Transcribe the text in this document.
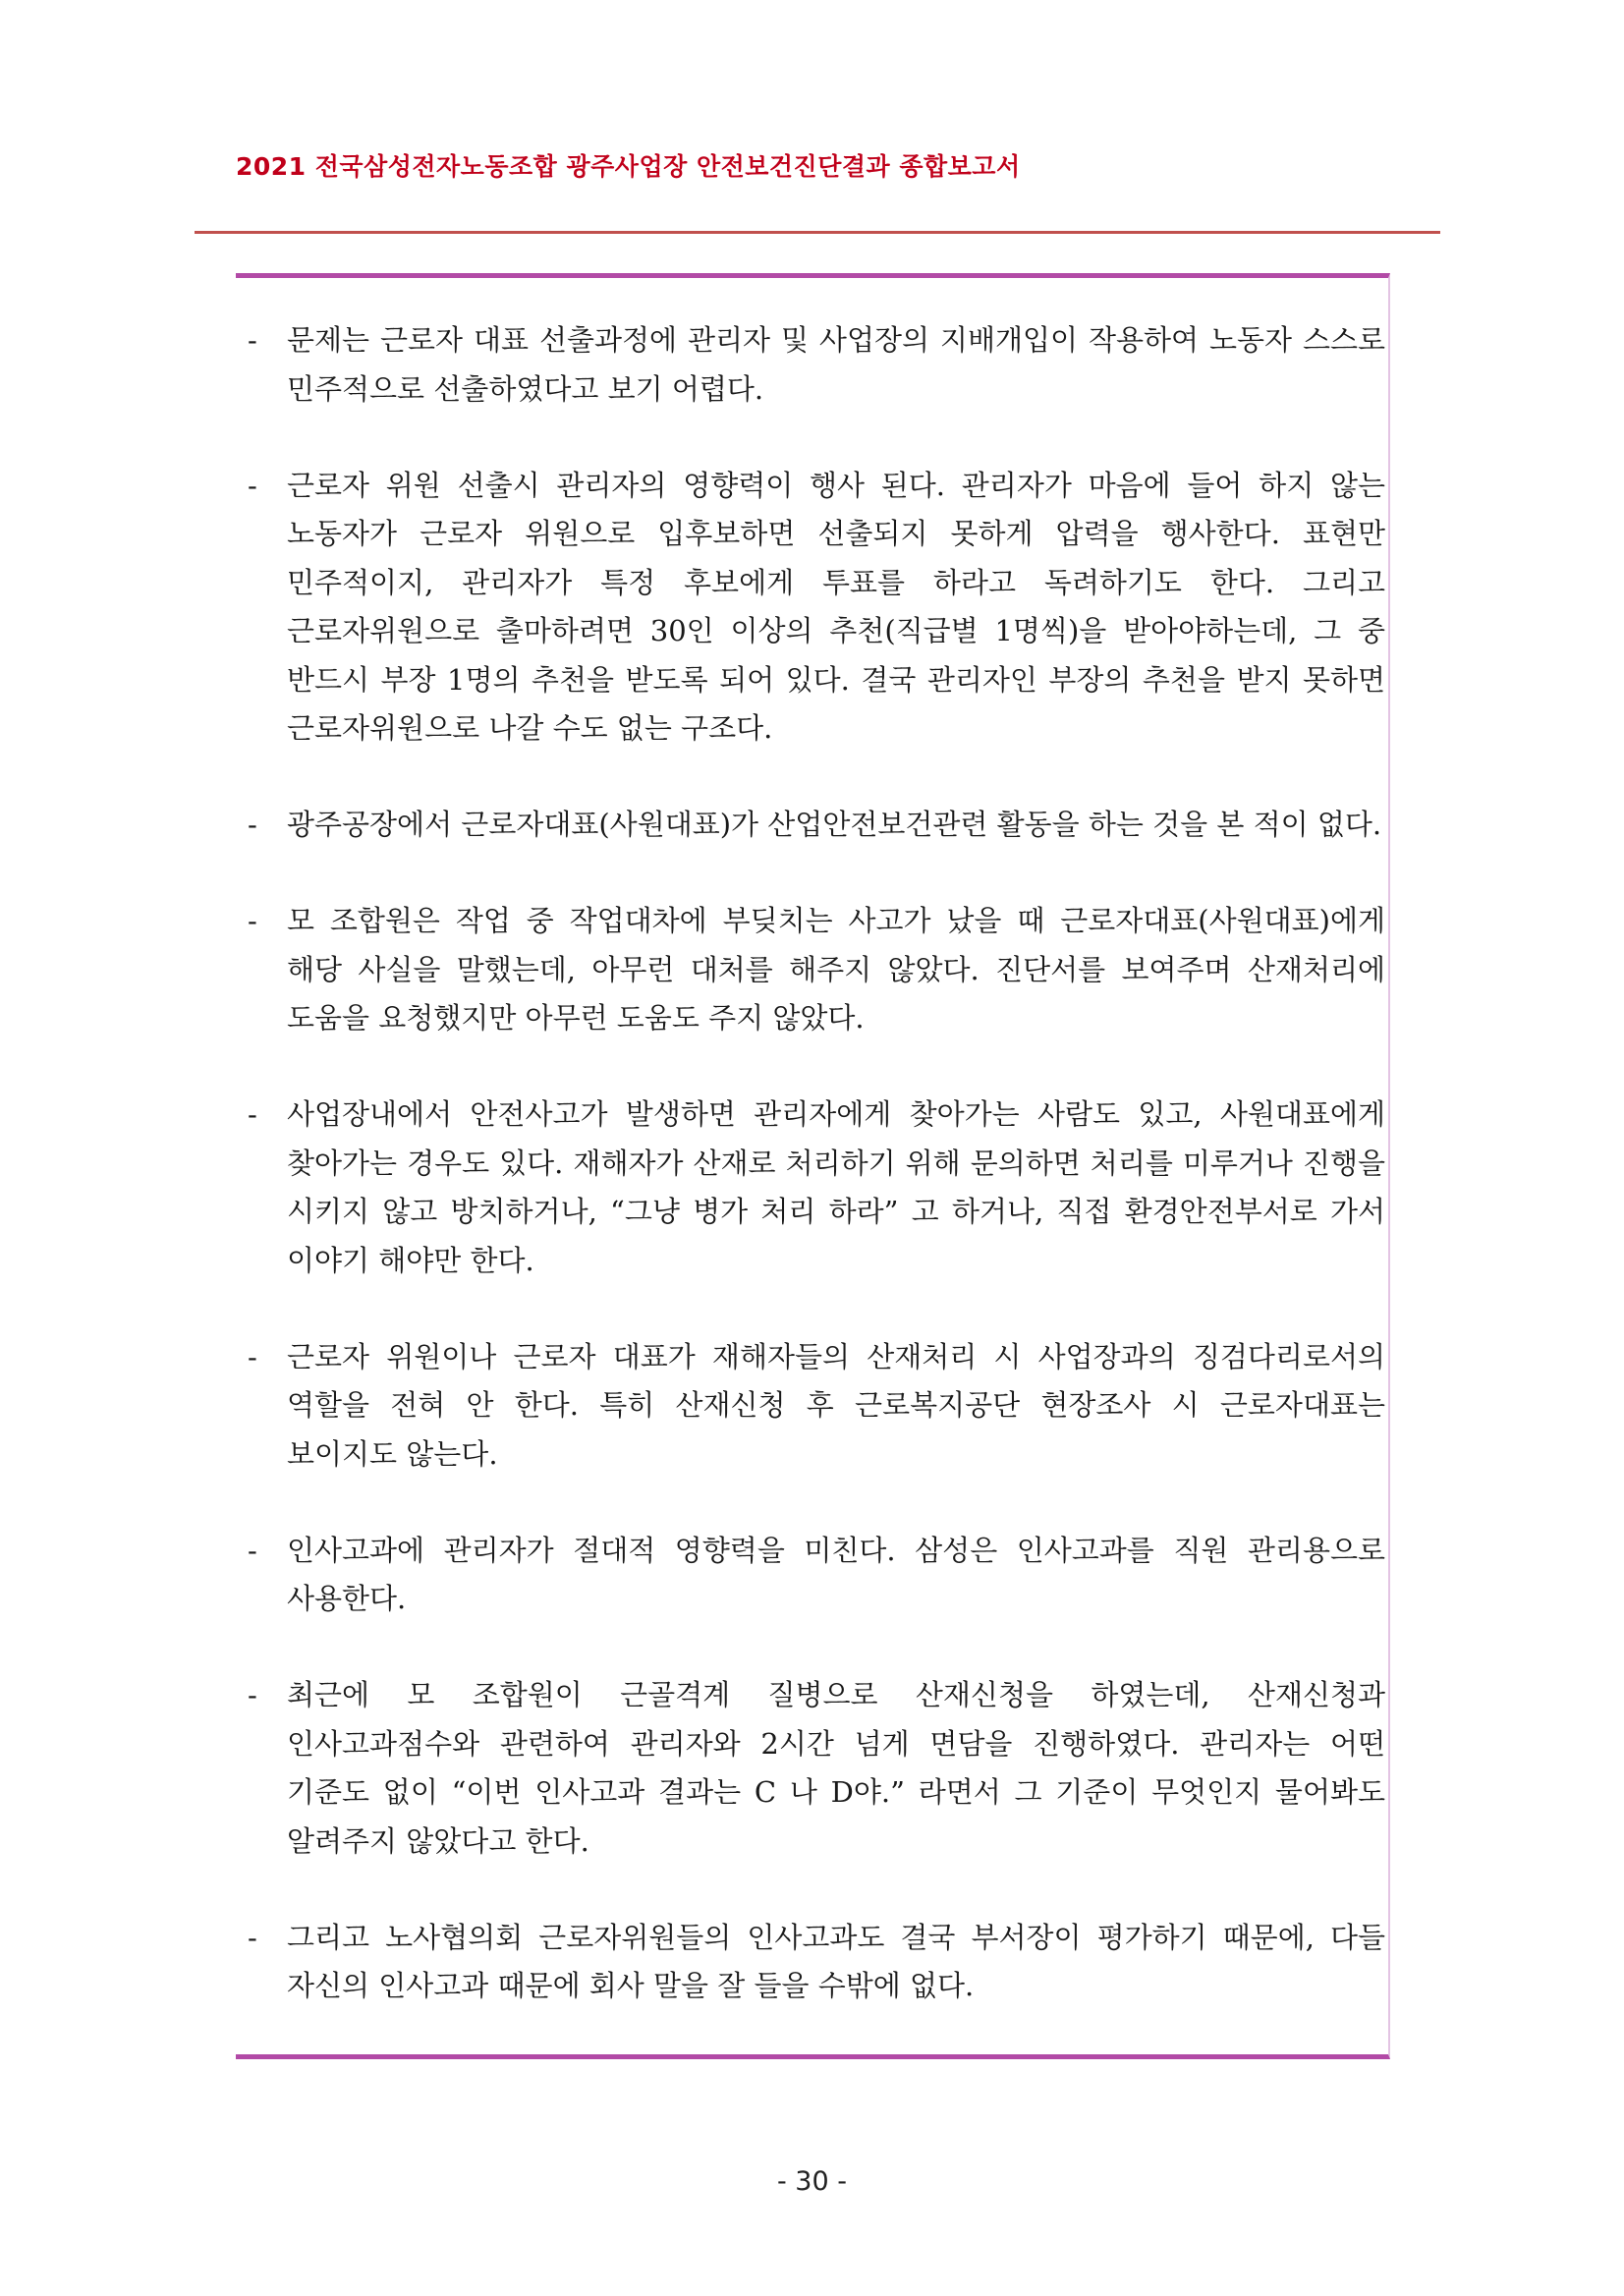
2021 전국삼성전자노동조합 광주사업장 안전보건진단결과 종합보고서
-	문제는 근로자 대표 선출과정에 관리자 및 사업장의 지배개입이 작용하여 노동자 스스로 민주적으로 선출하였다고 보기 어렵다.
-	근로자 위원 선출시 관리자의 영향력이 행사 된다. 관리자가 마음에 들어 하지 않는 노동자가 근로자 위원으로 입후보하면 선출되지 못하게 압력을 행사한다. 표현만 민주적이지, 관리자가 특정 후보에게 투표를 하라고 독려하기도 한다. 그리고 근로자위원으로 출마하려면 30인 이상의 추천(직급별 1명씩)을 받아야하는데, 그 중 반드시 부장 1명의 추천을 받도록 되어 있다. 결국 관리자인 부장의 추천을 받지 못하면 근로자위원으로 나갈 수도 없는 구조다.
-	광주공장에서 근로자대표(사원대표)가 산업안전보건관련 활동을 하는 것을 본 적이 없다.
-	모 조합원은 작업 중 작업대차에 부딪치는 사고가 났을 때 근로자대표(사원대표)에게 해당 사실을 말했는데, 아무런 대처를 해주지 않았다. 진단서를 보여주며 산재처리에 도움을 요청했지만 아무런 도움도 주지 않았다.
-	사업장내에서 안전사고가 발생하면 관리자에게 찾아가는 사람도 있고, 사원대표에게 찾아가는 경우도 있다. 재해자가 산재로 처리하기 위해 문의하면 처리를 미루거나 진행을 시키지 않고 방치하거나, “그냥 병가 처리 하라” 고 하거나, 직접 환경안전부서로 가서 이야기 해야만 한다.
-	근로자 위원이나 근로자 대표가 재해자들의 산재처리 시 사업장과의 징검다리로서의 역할을 전혀 안 한다. 특히 산재신청 후 근로복지공단 현장조사 시 근로자대표는 보이지도 않는다.
-	인사고과에 관리자가 절대적 영향력을 미친다. 삼성은 인사고과를 직원 관리용으로 사용한다.
-	최근에 모 조합원이 근골격계 질병으로 산재신청을 하였는데, 산재신청과 인사고과점수와 관련하여 관리자와 2시간 넘게 면담을 진행하였다. 관리자는 어떤 기준도 없이 “이번 인사고과 결과는 C 나 D야.” 라면서 그 기준이 무엇인지 물어봐도 알려주지 않았다고 한다.
-	그리고 노사협의회 근로자위원들의 인사고과도 결국 부서장이 평가하기 때문에, 다들 자신의 인사고과 때문에 회사 말을 잘 들을 수밖에 없다.
- 30 -
